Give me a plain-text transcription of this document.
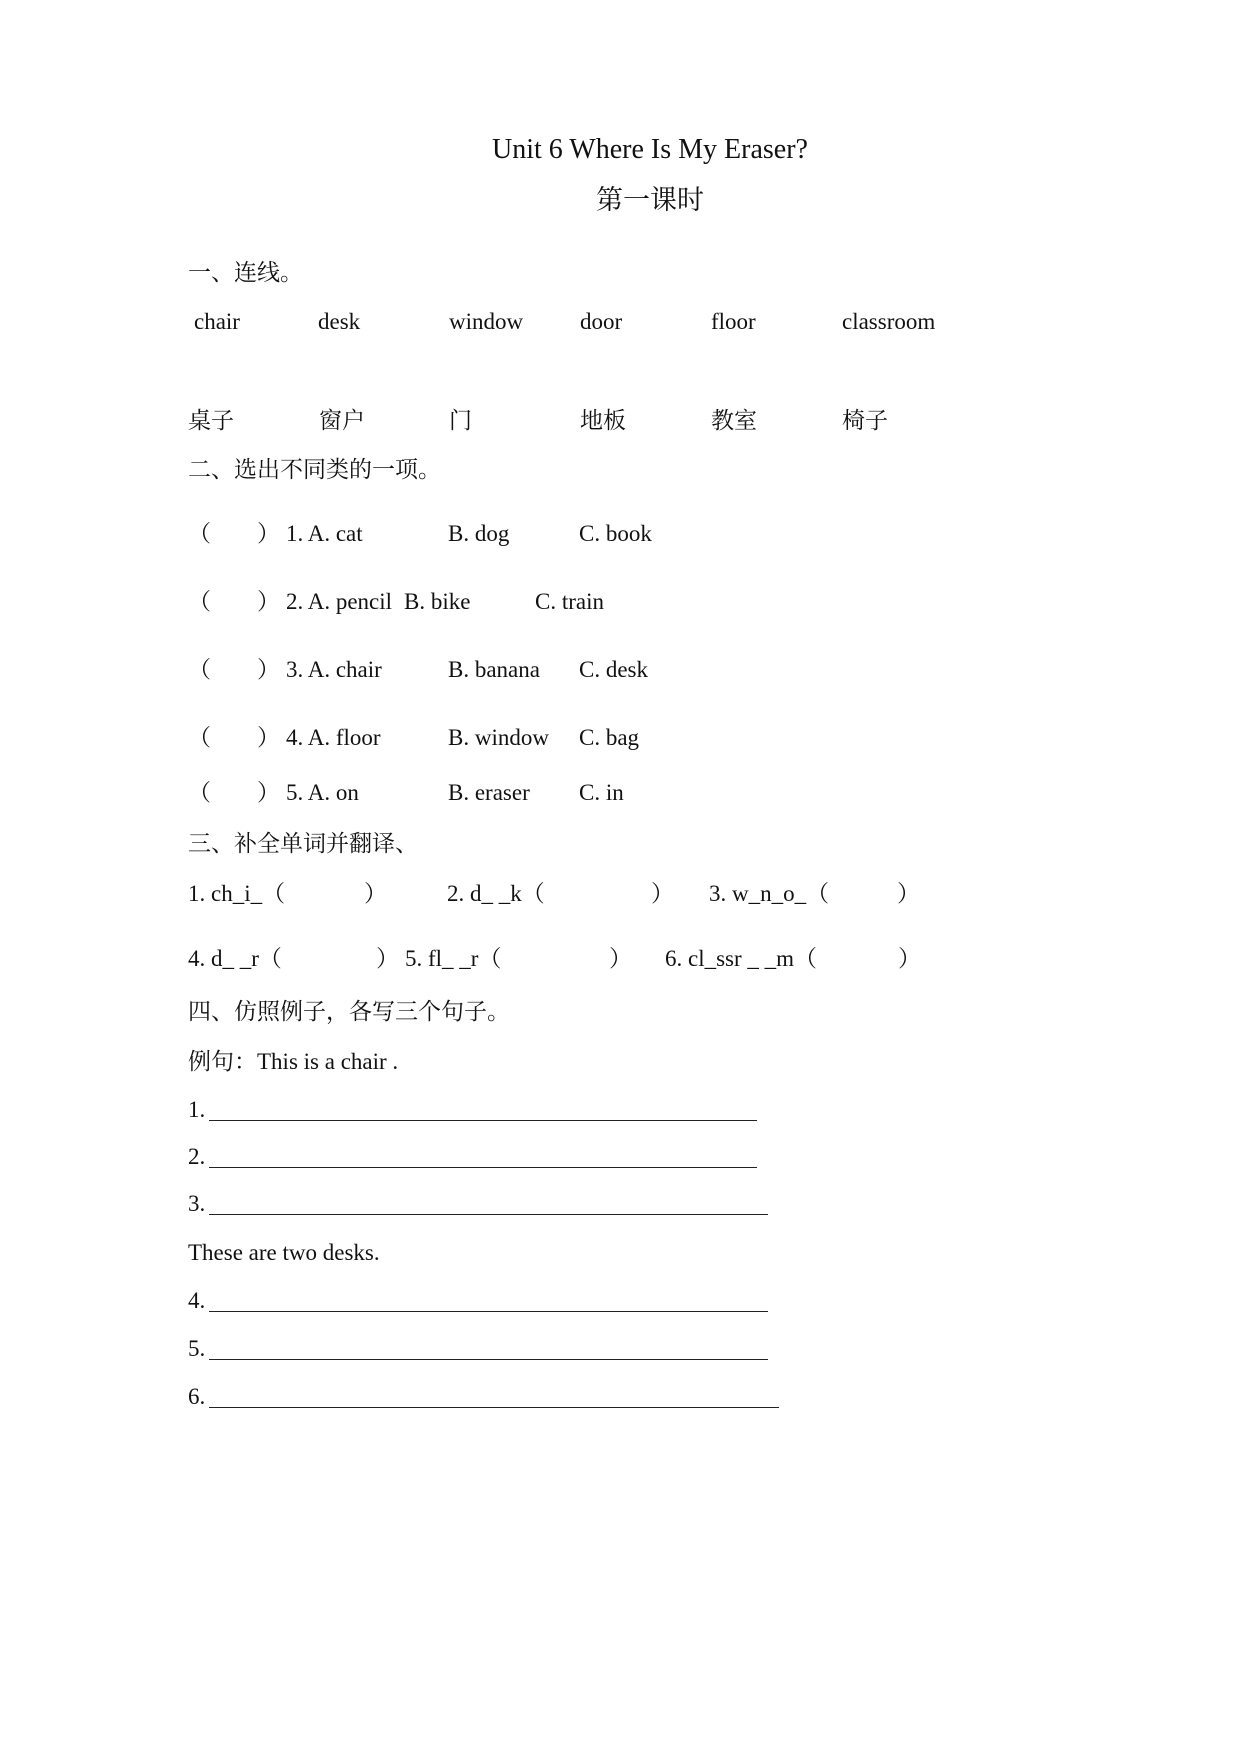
Unit 6 Where Is My Eraser?
第一课时
一、连线。
chair	desk	window door	floor	classroom
桌子	窗户	门	地板	教室	椅子
二、选出不同类的一项。
（　　） 1. A. cat	B. dog	C. book
（　　） 2. A. pencil B. bike	C. train
（　　） 3. A. chair	B. banana C. desk
（　　） 4. A. floor	B. window C. bag
（　　） 5. A. on	B. eraser C. in
三、补全单词并翻译、
1. ch_i_（	）	2. d_ _k（	） 3. w_n_o_（	）
4. d_ _r（	） 5. fl_ _r（	） 6. cl_ssr _ _m（	）
四、仿照例子，各写三个句子。
例句：This is a chair .
1.
2.
3.
These are two desks.
4.
5.
6.
